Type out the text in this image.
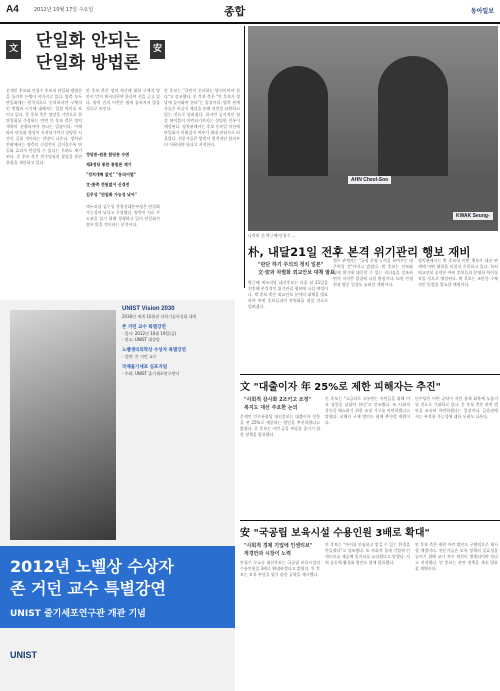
A4	2012년 10월 17일 수요일	종합	동아일보
文	단일화 안되는
단일화 방법론
安
문재인 후보와 안철수 후보의 단일화 방법론을 둘러싼 논쟁이 이어지고 있다. 양측 모두 단일화에는 원칙적으로 동의하지만 구체적인 방법과 시기에 대해서는 입장 차이를 보이고 있다. 문 후보 측은 정당을 기반으로 한 단일화를 주장하는 반면 안 후보 측은 정치개혁이 선행되어야 한다는 입장이다. 이에 따라 단일화 협상이 시작되기까지 상당한 시간이 걸릴 것이라는 전망이 나온다. 정치권 안팎에서는 양측의 신경전이 길어질수록 단일화 효과가 반감될 수 있다는 우려도 제기된다. 문 후보 측은 민주당과의 합당을 통한 통합을 제안하고 있다.
안 후보 측은 정치 혁신에 대한 구체적 방안이 먼저 제시되어야 한다며 선을 긋고 있다. 양측 간의 이견은 쉽게 좁혀지지 않을 것으로 보인다.
정당론-원론 합당론 수면
제3정당 통한 통합론 제기
"정치개혁 없인" "동의어법"
文-安측 견원없이 신경전
김무성 "단일화 가능성 낮아"
새누리당 김무성 총괄선대본부장은 단일화 가능성이 낮다고 주장했다. 양측이 서로 주도권을 잡기 위해 경쟁하고 있어 단일화가 쉽지 않을 것이라는 분석이다.
안 후보는 "국민이 동의하는 방식이어야 한다"고 강조했다. 문 후보 측은 "안 후보가 정당에 들어와야 한다"는 입장이다. 양측 관계자들은 비공식 채널을 통해 의견을 교환하고 있는 것으로 알려졌다. 하지만 공식적인 협상 테이블이 마련되기까지는 상당한 진통이 예상된다. 정치권에서는 후보 등록일 이전에 단일화가 이뤄질지 여부가 최대 관심사로 떠올랐다. 전문가들은 양측이 원칙적인 합의부터 이뤄내야 한다고 지적한다.
AHN Cheol-Soo
KWAK Seung-
나란히 선 박근혜·안철수 ...
朴, 내달21일 전후 본격 위기관리 행보 재비
"판단 하기 주의의 정치 일본"
文·安과 차별화 외교안보 대책 발표
박근혜 새누리당 대선후보는 다음 달 21일을 전후해 본격적인 위기관리 행보에 나설 예정이다. 박 후보 측은 외교안보 분야의 대책을 발표하며 야권 후보들과의 차별화를 꾀할 것으로 알려졌다.
캠프 관계자는 "국정 운영 능력을 보여주는 데 주력할 것"이라고 밝혔다. 박 후보는 안보와 경제 위기에 대응할 수 있는 리더십을 강조하면서 지지층 결집에 나설 방침이다. 또한 민생 현장 방문 일정도 늘려갈 계획이다.
정치권에서는 박 후보의 이번 행보가 대선 판세에 어떤 영향을 미칠지 주목하고 있다. 특히 외교안보 공약은 야권 후보들과 분명한 차이를 보일 것으로 예상된다. 박 후보는 조만간 구체적인 일정을 발표할 예정이다.
文 "대출이자 年 25%로 제한 피해자는 추진"
"사회적 갈사화 2조키고 조정"
복지도 대선 주요한 논의
문재인 민주통합당 대선후보는 대출이자 상한을 연 25%로 제한하는 방안을 추진하겠다고 밝혔다. 문 후보는 서민 금융 부담을 줄이기 위한 정책을 발표했다.
문 후보는 "고금리로 고통받는 서민들을 위해 이자 상한을 낮춰야 한다"고 강조했다. 또 사회적 갈등을 해소하기 위한 조정 기구를 마련하겠다고 말했다. 피해자 구제 방안도 함께 추진할 계획이다.
민주당은 이번 공약이 서민 경제 회복에 도움이 될 것으로 기대하고 있다. 문 후보 측은 관련 법안을 조속히 마련하겠다는 입장이다. 금융권에서는 부작용 가능성에 대한 우려도 나온다.
安 "국공립 보육시설 수용인원 3배로 확대"
"사회적 경제 기업에 인센티브"
적경만과 시장이 노력
안철수 무소속 대선후보는 국공립 보육시설의 수용인원을 3배로 확대하겠다고 밝혔다. 안 후보는 보육 부담을 덜기 위한 공약을 제시했다.
안 후보는 "아이를 안심하고 맡길 수 있는 환경을 만들겠다"고 강조했다. 또 사회적 경제 기업에 인센티브를 제공해 일자리를 늘리겠다고 말했다. 지역 공동체 활성화 방안도 함께 발표했다.
안 후보 측은 재원 마련 방안도 구체적으로 제시할 예정이다. 전문가들은 보육 정책의 실효성을 높이기 위해 교사 처우 개선이 병행되어야 한다고 지적했다. 안 후보는 관련 정책을 계속 발표할 계획이다.
UNIST Vision 2030
2030년 세계 10위권 과학기술특성화 대학
존 거던 교수 특별강연
· 일시: 2012년 10월 19일(금)
· 장소: UNIST 대강당
노벨생리의학상 수상자 특별강연
· 강연: 존 거던 교수
국제줄기세포 심포지엄
· 주최: UNIST 줄기세포연구센터
2012년 노벨상 수상자
존 거던 교수 특별강연
UNIST 줄기세포연구관 개관 기념
UNIST
